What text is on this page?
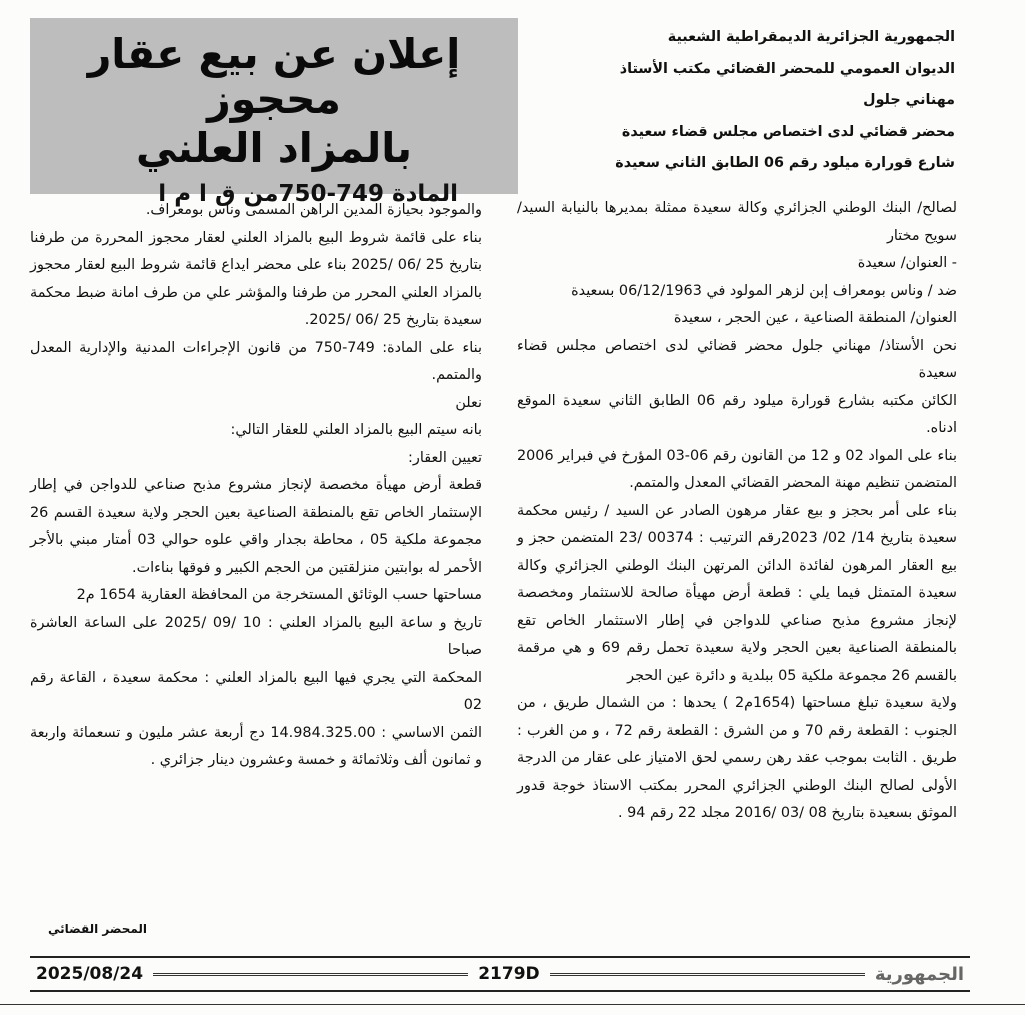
إعلان عن بيع عقار محجوز
بالمزاد العلني
المادة 749-750من ق ا م ا
الجمهورية الجزائرية الديمقراطية الشعبية
الديوان العمومي للمحضر القضائي مكتب الأستاذ
مهناني جلول
محضر قضائي لدى اختصاص مجلس قضاء سعيدة
شارع قورارة ميلود رقم 06 الطابق الثاني سعيدة

لصالح/ البنك الوطني الجزائري وكالة سعيدة ممثلة بمديرها بالنيابة السيد/ سويح مختار

- العنوان/ سعيدة

ضد / وناس بومعراف إبن لزهر المولود في 06/12/1963 بسعيدة

العنوان/ المنطقة الصناعية ، عين الحجر ، سعيدة

نحن الأستاذ/ مهناني جلول محضر قضائي لدى اختصاص مجلس قضاء سعيدة

الكائن مكتبه بشارع قورارة ميلود رقم 06 الطابق الثاني سعيدة الموقع ادناه.

بناء على المواد 02 و 12 من القانون رقم 06-03 المؤرخ في فبراير 2006 المتضمن تنظيم مهنة المحضر القضائي المعدل والمتمم.

بناء على أمر بحجز و بيع عقار مرهون الصادر عن السيد / رئيس محكمة سعيدة بتاريخ 14/ 02/ 2023رقم الترتيب : 00374 /23 المتضمن حجز و بيع العقار المرهون لفائدة الدائن المرتهن البنك الوطني الجزائري وكالة سعيدة المتمثل فيما يلي : قطعة أرض مهيأة صالحة للاستثمار ومخصصة لإنجاز مشروع مذبح صناعي للدواجن في إطار الاستثمار الخاص تقع بالمنطقة الصناعية بعين الحجر ولاية سعيدة تحمل رقم 69 و هي مرقمة بالقسم 26 مجموعة ملكية 05 ببلدية و دائرة عين الحجر

ولاية سعيدة تبلغ مساحتها (1654م2 ) يحدها : من الشمال طريق ، من الجنوب : القطعة رقم 70 و من الشرق : القطعة رقم 72 ، و من الغرب : طريق . الثابت بموجب عقد رهن رسمي لحق الامتياز على عقار من الدرجة الأولى لصالح البنك الوطني الجزائري المحرر بمكتب الاستاذ خوجة قدور الموثق بسعيدة بتاريخ 08 /03 /2016 مجلد 22 رقم 94 .

والموجود بحيازة المدين الراهن المسمى وناس بومعراف.

بناء على قائمة شروط البيع بالمزاد العلني لعقار محجوز المحررة من طرفنا بتاريخ 25 /06 /2025 بناء على محضر ايداع قائمة شروط البيع لعقار محجوز بالمزاد العلني المحرر من طرفنا والمؤشر علي من طرف امانة ضبط محكمة سعيدة بتاريخ 25 /06 /2025.

بناء على المادة: 749-750 من قانون الإجراءات المدنية والإدارية المعدل والمتمم.

نعلن

بانه سيتم البيع بالمزاد العلني للعقار التالي:

تعيين العقار:

قطعة أرض مهيأة مخصصة لإنجاز مشروع مذبح صناعي للدواجن في إطار الإستثمار الخاص تقع بالمنطقة الصناعية بعين الحجر ولاية سعيدة القسم 26 مجموعة ملكية 05 ، محاطة بجدار واقي علوه حوالي 03 أمتار مبني بالأجر الأحمر له بوابتين منزلقتين من الحجم الكبير و فوقها بناءات.

مساحتها حسب الوثائق المستخرجة من المحافظة العقارية 1654 م2

تاريخ و ساعة البيع بالمزاد العلني : 10 /09 /2025 على الساعة العاشرة صباحا

المحكمة التي يجري فيها البيع بالمزاد العلني : محكمة سعيدة ، القاعة رقم 02

الثمن الاساسي : 14.984.325.00 دج أربعة عشر مليون و تسعمائة واربعة و ثمانون ألف وثلاثمائة و خمسة وعشرون دينار جزائري .

المحضر القضائي
2025/08/24	2179D	الجمهورية
